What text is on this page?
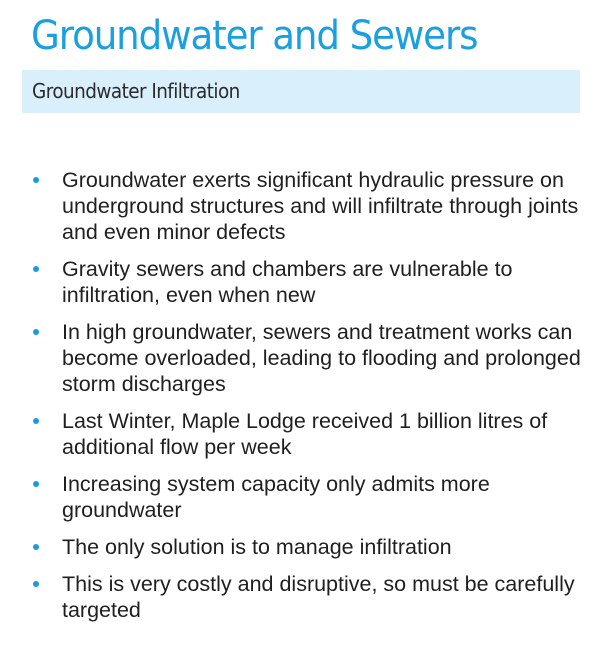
Groundwater and Sewers
Groundwater Infiltration
Groundwater exerts significant hydraulic pressure on underground structures and will infiltrate through joints and even minor defects
Gravity sewers and chambers are vulnerable to infiltration, even when new
In high groundwater, sewers and treatment works can become overloaded, leading to flooding and prolonged storm discharges
Last Winter, Maple Lodge received 1 billion litres of additional flow per week
Increasing system capacity only admits more groundwater
The only solution is to manage infiltration
This is very costly and disruptive, so must be carefully targeted
